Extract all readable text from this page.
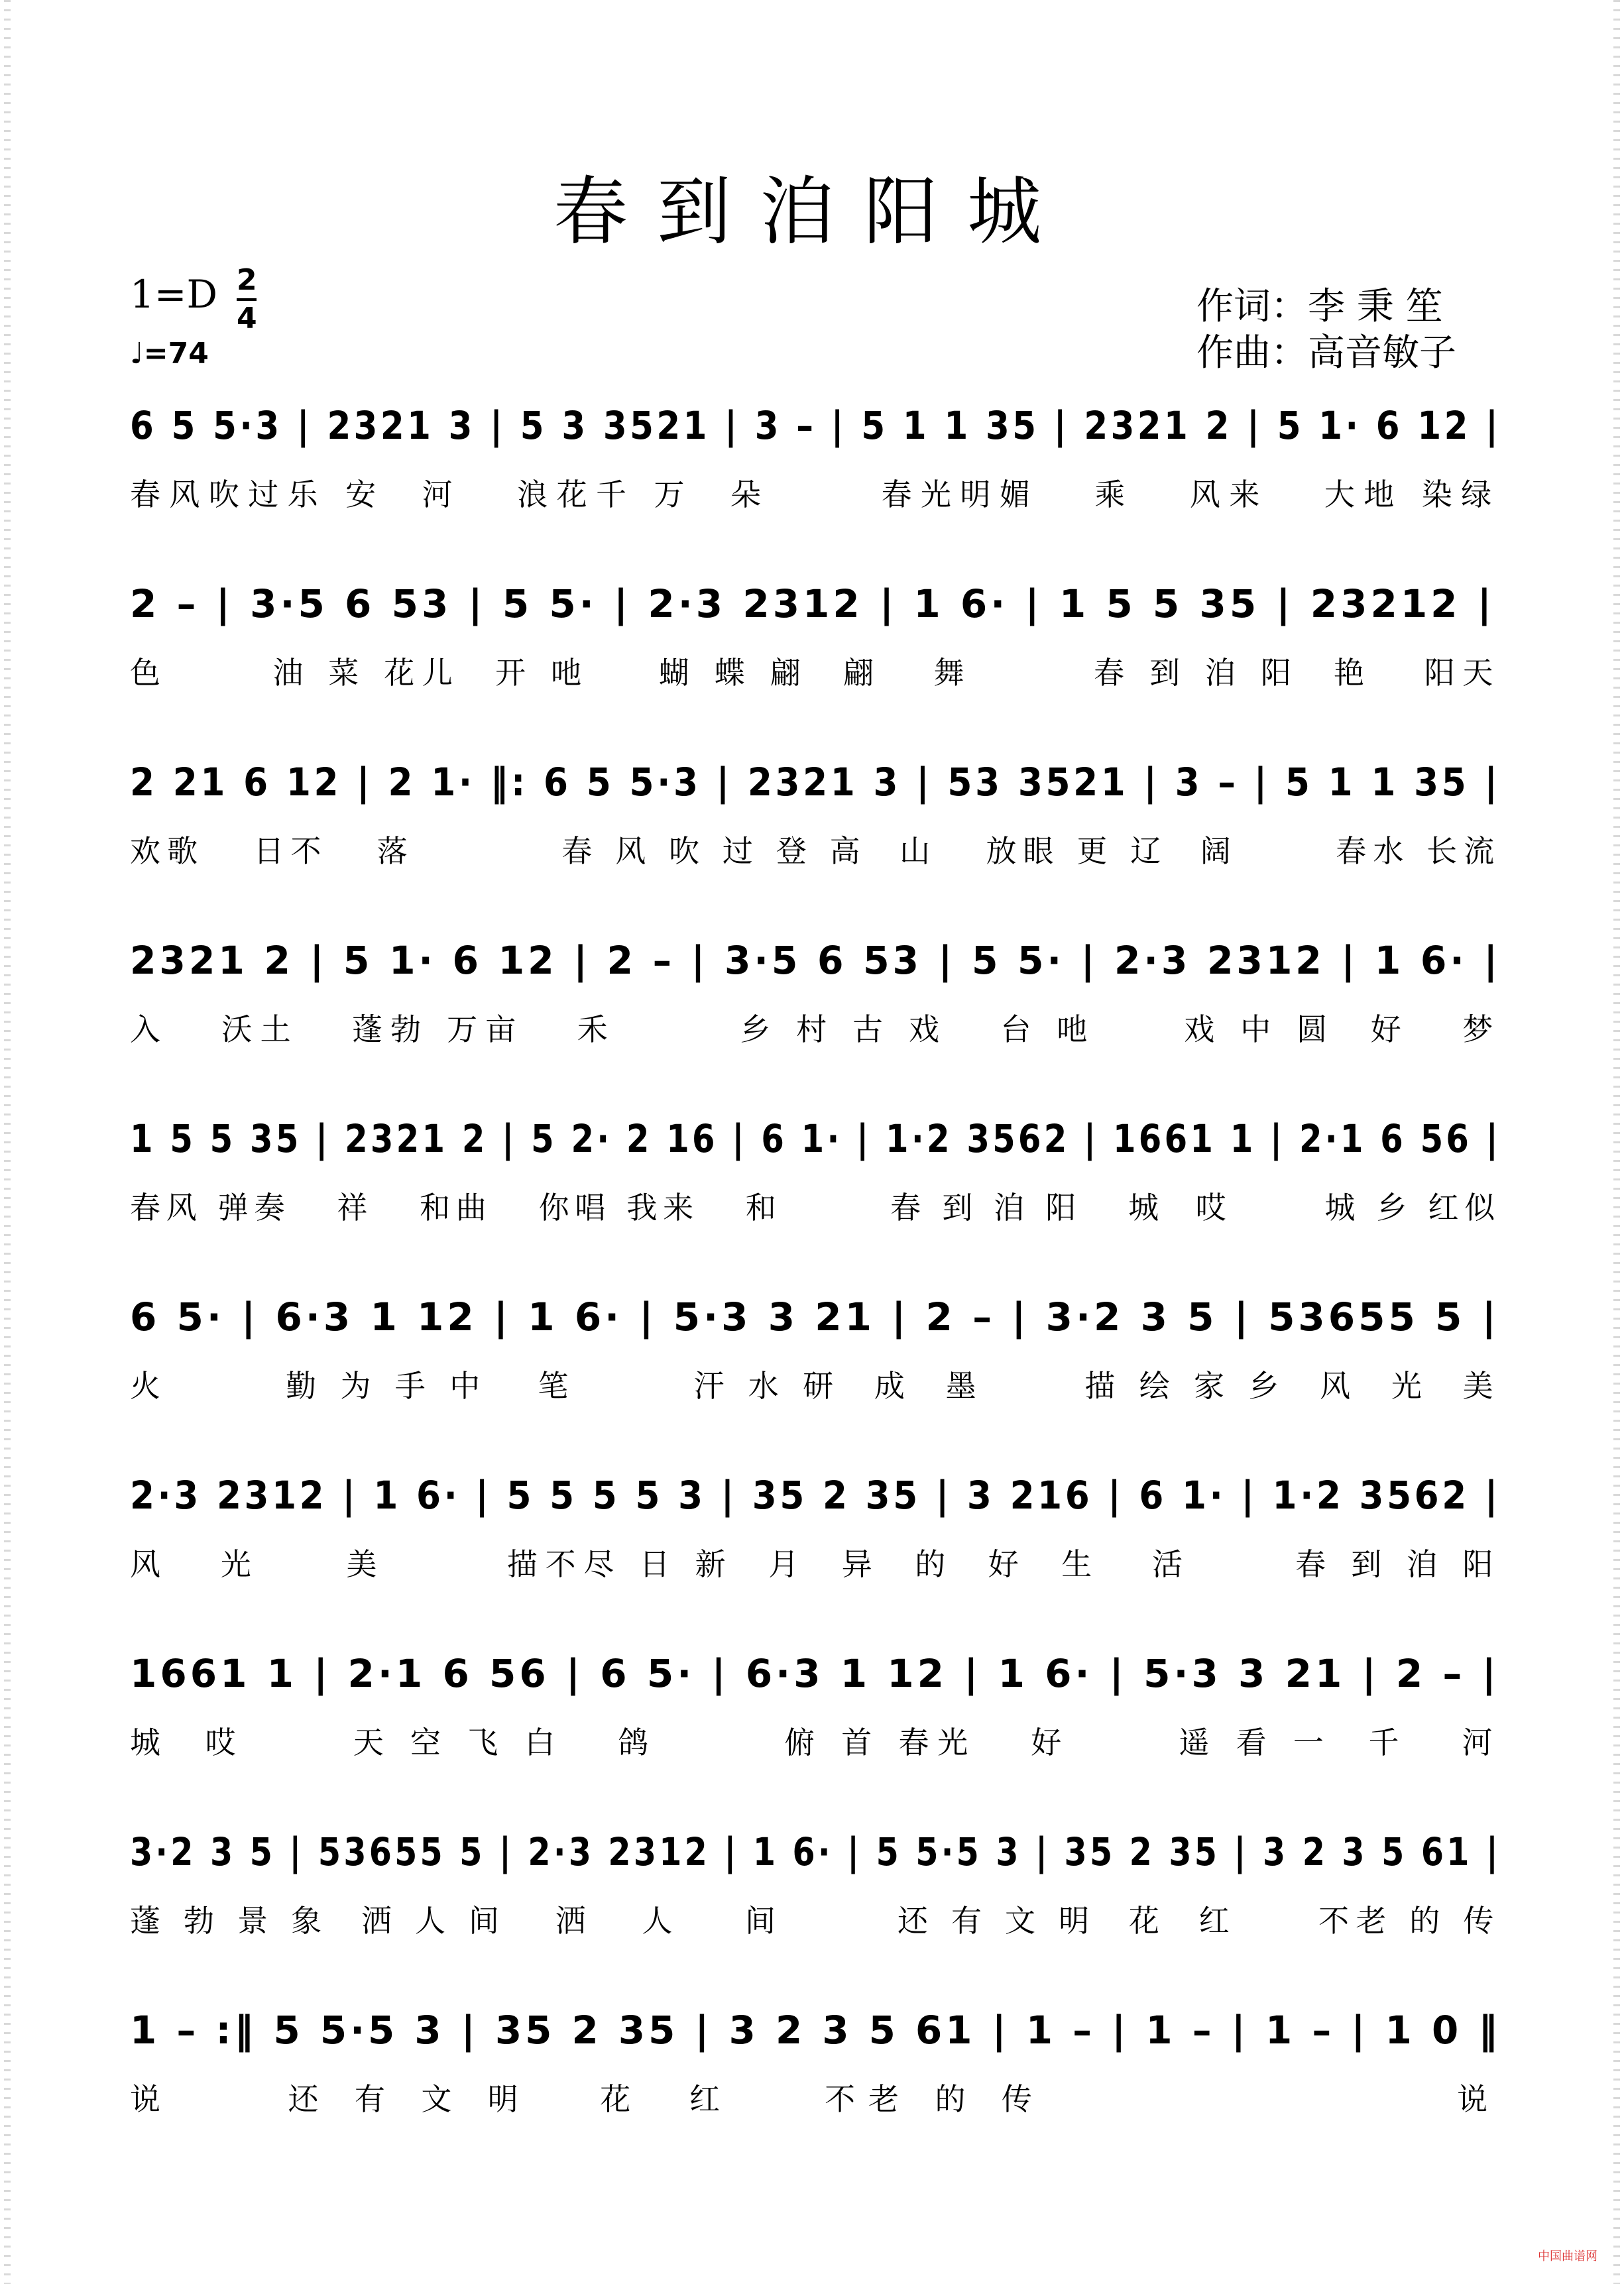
春到洎阳城
1=D 2
4
♩=74
作词：李 秉 笙
作曲：高音敏子
6 5 5·3 | 2321 3 | 5 3 3521 | 3 – | 5 1 1 35 | 2321 2 | 5 1· 6 12 |
春风吹过乐 安  河   浪花千 万  朵      春光明媚   乘   风来   大地 染绿
2 – | 3·5 6 53 | 5 5· | 2·3 2312 | 1 6· | 1 5 5 35 | 23212 |
色      油 菜 花儿  开 吔    蝴 蝶 翩  翩   舞       春 到 洎 阳  艳   阳天
2 21 6 12 | 2 1· ‖: 6 5 5·3 | 2321 3 | 53 3521 | 3 – | 5 1 1 35 |
欢歌   日不   落         春 风 吹 过 登 高  山   放眼 更 辽  阔      春水 长流
2321 2 | 5 1· 6 12 | 2 – | 3·5 6 53 | 5 5· | 2·3 2312 | 1 6· |
入   沃土   蓬勃 万亩   禾       乡 村 古 戏   台 吔     戏 中 圆  好   梦
1 5 5 35 | 2321 2 | 5 2· 2 16 | 6 1· | 1·2 3562 | 1661 1 | 2·1 6 56 |
春风 弹奏   祥   和曲   你唱 我来   和       春 到 洎 阳   城  哎      城 乡 红似
6 5· | 6·3 1 12 | 1 6· | 5·3 3 21 | 2 – | 3·2 3 5 | 53655 5 |
火       勤 为 手 中   笔       汗 水 研  成  墨      描 绘 家 乡  风  光  美
2·3 2312 | 1 6· | 5 5 5 5 3 | 35 2 35 | 3 216 | 6 1· | 1·2 3562 |
风   光     美       描不尽 日 新  月  异  的  好  生   活      春 到 洎 阳
1661 1 | 2·1 6 56 | 6 5· | 6·3 1 12 | 1 6· | 5·3 3 21 | 2 – |
城  哎      天 空 飞 白   鸽       俯 首 春光   好      遥 看 一  千   河
3·2 3 5 | 53655 5 | 2·3 2312 | 1 6· | 5 5·5 3 | 35 2 35 | 3 2 3 5 61 |
蓬 勃 景 象  洒 人 间   洒   人    间       还 有 文 明  花  红     不老 的 传
1 – :‖ 5 5·5 3 | 35 2 35 | 3 2 3 5 61 | 1 – | 1 – | 1 – | 1 0 ‖
说     还 有 文 明   花  红    不老 的 传                  说
中国曲谱网
